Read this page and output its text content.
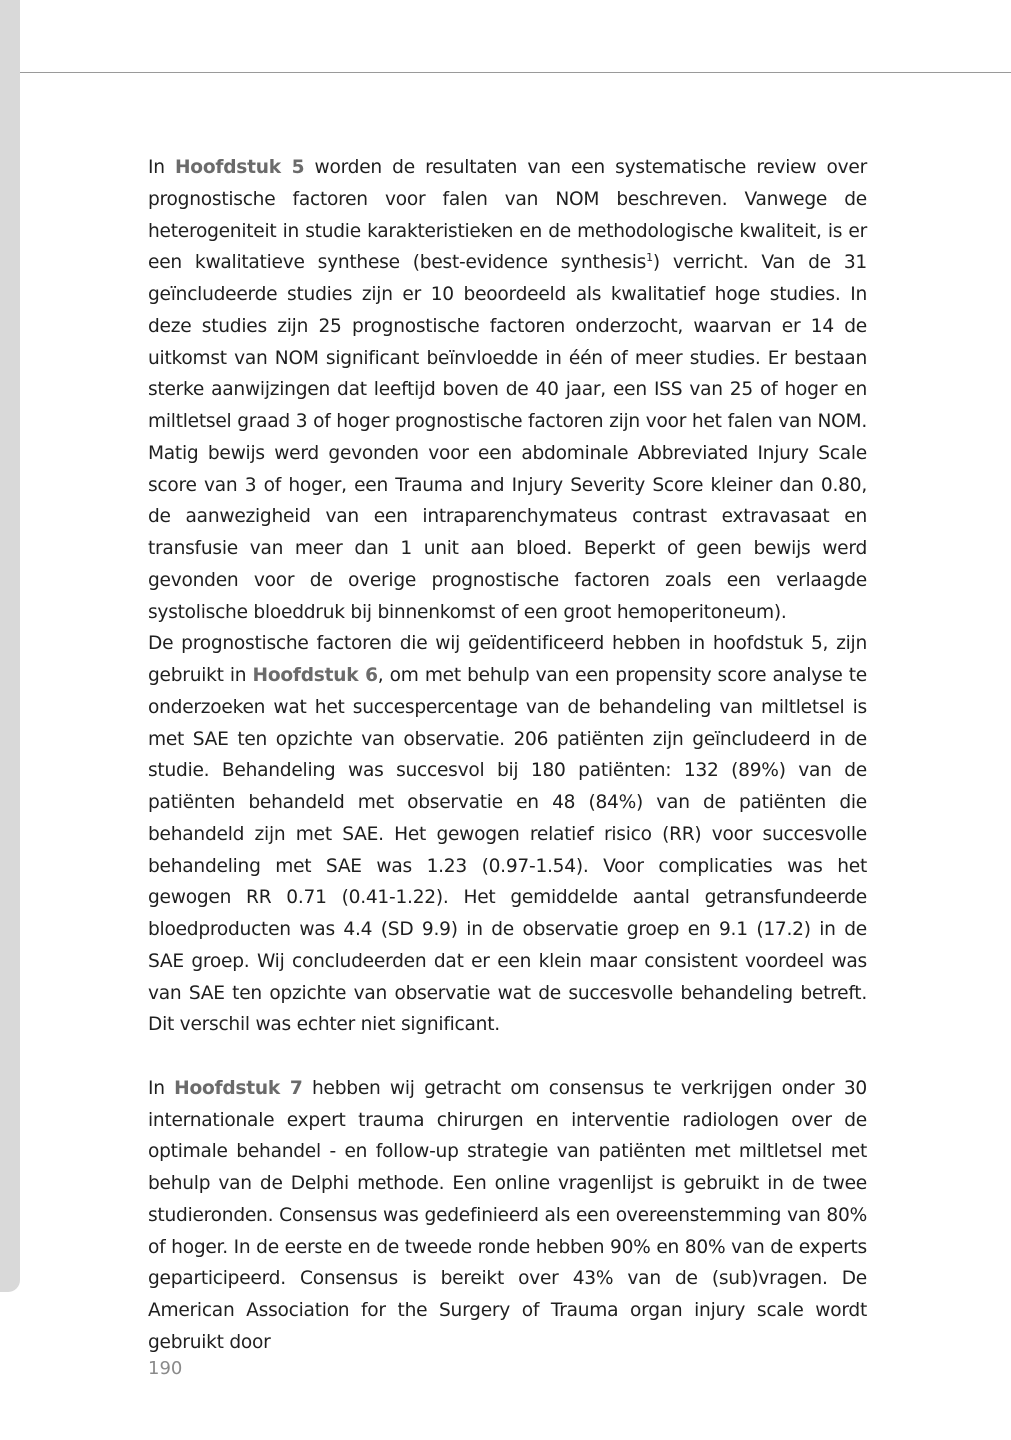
In Hoofdstuk 5 worden de resultaten van een systematische review over prognostische factoren voor falen van NOM beschreven. Vanwege de heterogeniteit in studie karakteristieken en de methodologische kwaliteit, is er een kwalitatieve synthese (best-evidence synthesis$^1$) verricht. Van de 31 geïncludeerde studies zijn er 10 beoordeeld als kwalitatief hoge studies. In deze studies zijn 25 prognostische factoren onderzocht, waarvan er 14 de uitkomst van NOM significant beïnvloedde in één of meer studies. Er bestaan sterke aanwijzingen dat leeftijd boven de 40 jaar, een ISS van 25 of hoger en miltletsel graad 3 of hoger prognostische factoren zijn voor het falen van NOM. Matig bewijs werd gevonden voor een abdominale Abbreviated Injury Scale score van 3 of hoger, een Trauma and Injury Severity Score kleiner dan 0.80, de aanwezigheid van een intraparenchymateus contrast extravasaat en transfusie van meer dan 1 unit aan bloed. Beperkt of geen bewijs werd gevonden voor de overige prognostische factoren zoals een verlaagde systolische bloeddruk bij binnenkomst of een groot hemoperitoneum).

De prognostische factoren die wij geïdentificeerd hebben in hoofdstuk 5, zijn gebruikt in Hoofdstuk 6, om met behulp van een propensity score analyse te onderzoeken wat het succespercentage van de behandeling van miltletsel is met SAE ten opzichte van observatie. 206 patiënten zijn geïncludeerd in de studie. Behandeling was succesvol bij 180 patiënten: 132 (89%) van de patiënten behandeld met observatie en 48 (84%) van de patiënten die behandeld zijn met SAE. Het gewogen relatief risico (RR) voor succesvolle behandeling met SAE was 1.23 (0.97-1.54). Voor complicaties was het gewogen RR 0.71 (0.41-1.22). Het gemiddelde aantal getransfundeerde bloedproducten was 4.4 (SD 9.9) in de observatie groep en 9.1 (17.2) in de SAE groep. Wij concludeerden dat er een klein maar consistent voordeel was van SAE ten opzichte van observatie wat de succesvolle behandeling betreft. Dit verschil was echter niet significant.

In Hoofdstuk 7 hebben wij getracht om consensus te verkrijgen onder 30 internationale expert trauma chirurgen en interventie radiologen over de optimale behandel - en follow-up strategie van patiënten met miltletsel met behulp van de Delphi methode. Een online vragenlijst is gebruikt in de twee studieronden. Consensus was gedefinieerd als een overeenstemming van 80% of hoger. In de eerste en de tweede ronde hebben 90% en 80% van de experts geparticipeerd. Consensus is bereikt over 43% van de (sub)vragen. De American Association for the Surgery of Trauma organ injury scale wordt gebruikt door

190
